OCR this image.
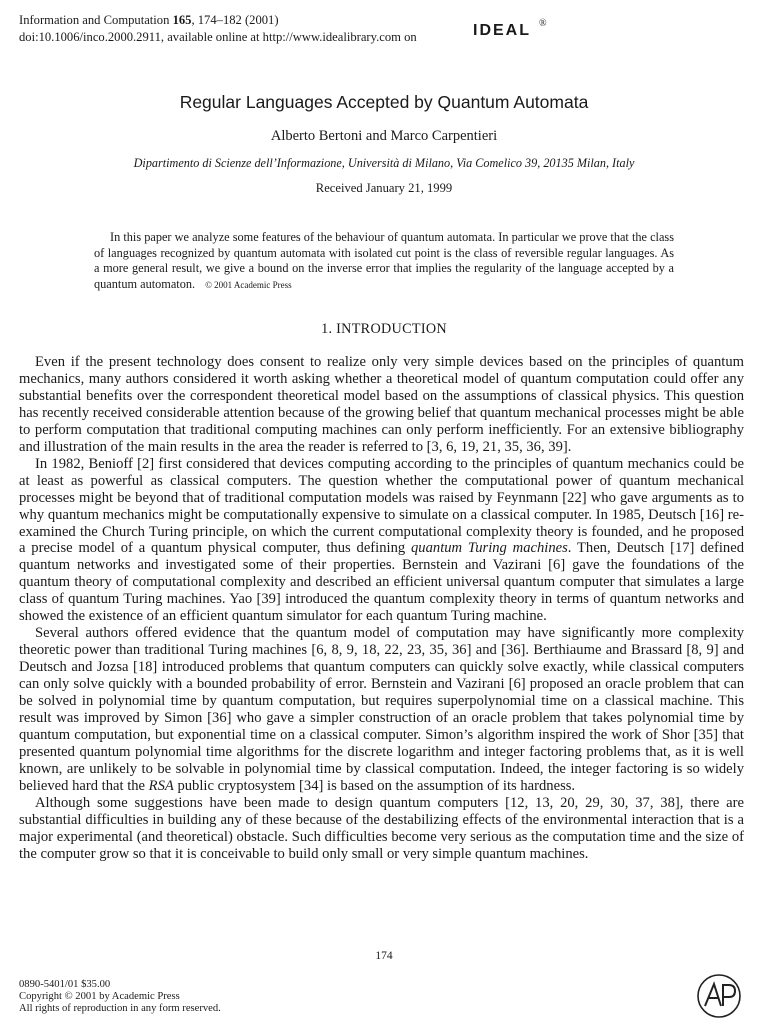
Information and Computation 165, 174–182 (2001)
doi:10.1006/inco.2000.2911, available online at http://www.idealibrary.com on	IDEAL ®
Regular Languages Accepted by Quantum Automata
Alberto Bertoni and Marco Carpentieri
Dipartimento di Scienze dell’Informazione, Università di Milano, Via Comelico 39, 20135 Milan, Italy
Received January 21, 1999

In this paper we analyze some features of the behaviour of quantum automata. In particular we prove that the class of languages recognized by quantum automata with isolated cut point is the class of reversible regular languages. As a more general result, we give a bound on the inverse error that implies the regularity of the language accepted by a quantum automaton. © 2001 Academic Press

1. INTRODUCTION

Even if the present technology does consent to realize only very simple devices based on the principles of quantum mechanics, many authors considered it worth asking whether a theoretical model of quantum computation could offer any substantial benefits over the correspondent theoretical model based on the assumptions of classical physics. This question has recently received considerable attention because of the growing belief that quantum mechanical processes might be able to perform computation that traditional computing machines can only perform inefficiently. For an extensive bibliography and illustration of the main results in the area the reader is referred to [3, 6, 19, 21, 35, 36, 39].

In 1982, Benioff [2] first considered that devices computing according to the principles of quantum mechanics could be at least as powerful as classical computers. The question whether the computational power of quantum mechanical processes might be beyond that of traditional computation models was raised by Feynmann [22] who gave arguments as to why quantum mechanics might be computationally expensive to simulate on a classical computer. In 1985, Deutsch [16] re-examined the Church Turing principle, on which the current computational complexity theory is founded, and he proposed a precise model of a quantum physical computer, thus defining quantum Turing machines. Then, Deutsch [17] defined quantum networks and investigated some of their properties. Bernstein and Vazirani [6] gave the foundations of the quantum theory of computational complexity and described an efficient universal quantum computer that simulates a large class of quantum Turing machines. Yao [39] introduced the quantum complexity theory in terms of quantum networks and showed the existence of an efficient quantum simulator for each quantum Turing machine.

Several authors offered evidence that the quantum model of computation may have significantly more complexity theoretic power than traditional Turing machines [6, 8, 9, 18, 22, 23, 35, 36] and [36]. Berthiaume and Brassard [8, 9] and Deutsch and Jozsa [18] introduced problems that quantum computers can quickly solve exactly, while classical computers can only solve quickly with a bounded probability of error. Bernstein and Vazirani [6] proposed an oracle problem that can be solved in polynomial time by quantum computation, but requires superpolynomial time on a classical machine. This result was improved by Simon [36] who gave a simpler construction of an oracle problem that takes polynomial time by quantum computation, but exponential time on a classical computer. Simon’s algorithm inspired the work of Shor [35] that presented quantum polynomial time algorithms for the discrete logarithm and integer factoring problems that, as it is well known, are unlikely to be solvable in polynomial time by classical computation. Indeed, the integer factoring is so widely believed hard that the RSA public cryptosystem [34] is based on the assumption of its hardness.

Although some suggestions have been made to design quantum computers [12, 13, 20, 29, 30, 37, 38], there are substantial difficulties in building any of these because of the destabilizing effects of the environmental interaction that is a major experimental (and theoretical) obstacle. Such difficulties become very serious as the computation time and the size of the computer grow so that it is conceivable to build only small or very simple quantum machines.

174
0890-5401/01 $35.00
Copyright © 2001 by Academic Press
All rights of reproduction in any form reserved.
